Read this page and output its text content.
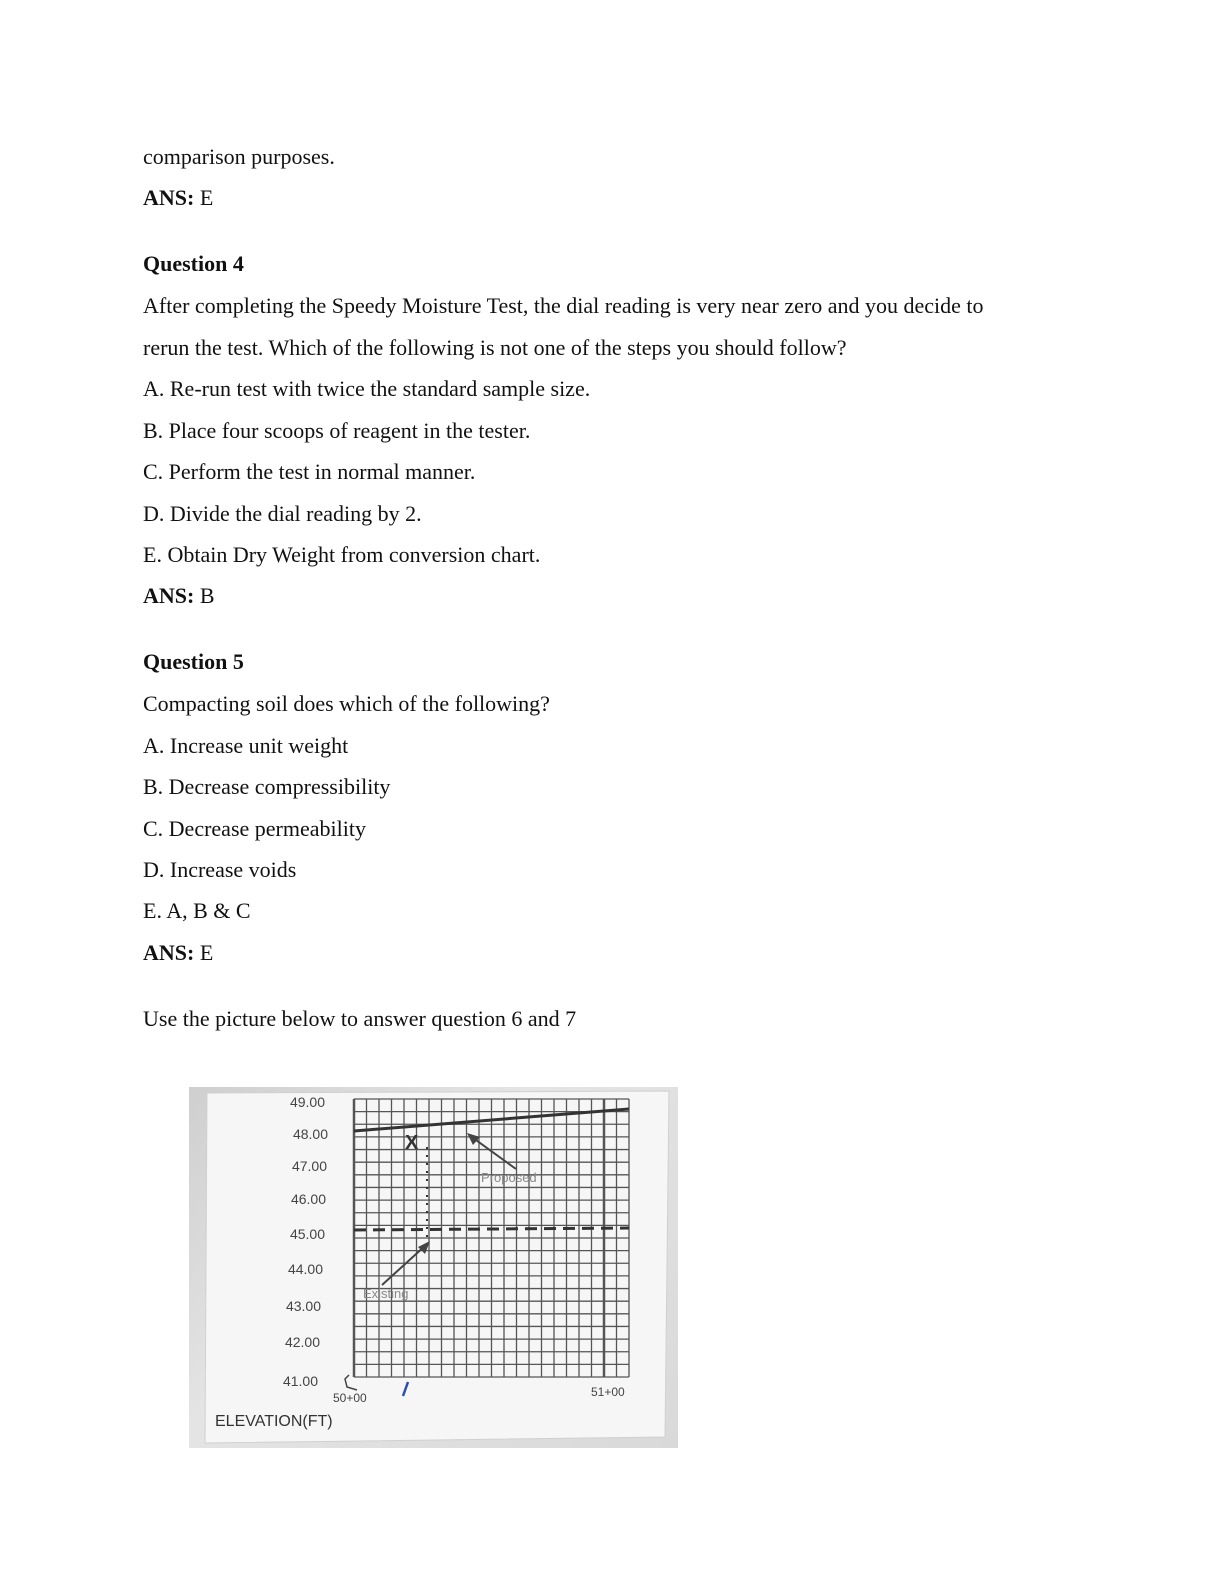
comparison purposes.
ANS: E
Question 4
After completing the Speedy Moisture Test, the dial reading is very near zero and you decide to
rerun the test. Which of the following is not one of the steps you should follow?
A. Re-run test with twice the standard sample size.
B. Place four scoops of reagent in the tester.
C. Perform the test in normal manner.
D. Divide the dial reading by 2.
E. Obtain Dry Weight from conversion chart.
ANS: B
Question 5
Compacting soil does which of the following?
A. Increase unit weight
B. Decrease compressibility
C. Decrease permeability
D. Increase voids
E. A, B & C
ANS: E
Use the picture below to answer question 6 and 7
49.00
48.00
47.00
46.00
45.00
44.00
43.00
42.00
41.00
50+00	51+00
ELEVATION(FT)
X
Proposed
Existing
